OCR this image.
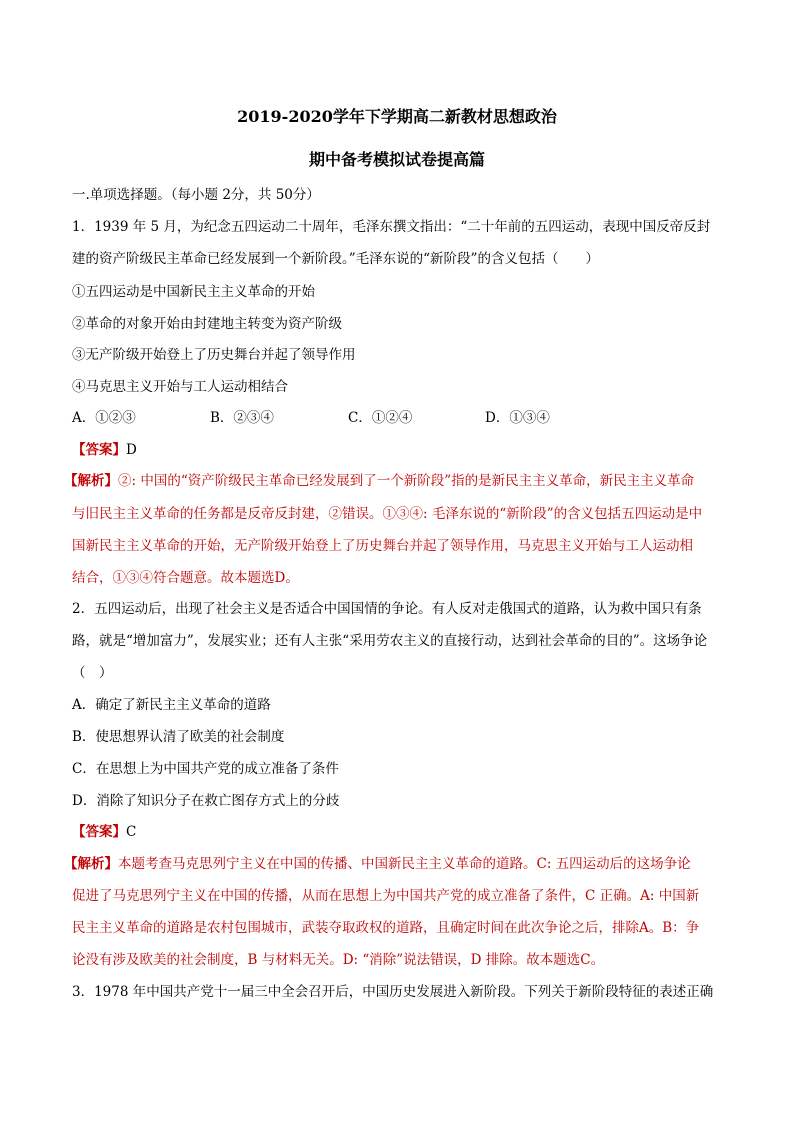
2019-2020学年下学期高二新教材思想政治
期中备考模拟试卷提高篇
一.单项选择题。（每小题 2分，共 50分）
1．1939 年 5 月，为纪念五四运动二十周年，毛泽东撰文指出：“二十年前的五四运动，表现中国反帝反封
建的资产阶级民主革命已经发展到一个新阶段。”毛泽东说的“新阶段”的含义包括（　　）
①五四运动是中国新民主主义革命的开始
②革命的对象开始由封建地主转变为资产阶级
③无产阶级开始登上了历史舞台并起了领导作用
④马克思主义开始与工人运动相结合
A．①②③	B．②③④	C．①②④	D．①③④
【答案】D
【解析】②: 中国的“资产阶级民主革命已经发展到了一个新阶段”指的是新民主主义革命，新民主主义革命
与旧民主主义革命的任务都是反帝反封建，②错误。①③④: 毛泽东说的“新阶段”的含义包括五四运动是中
国新民主主义革命的开始，无产阶级开始登上了历史舞台并起了领导作用，马克思主义开始与工人运动相
结合，①③④符合题意。故本题选D。
2．五四运动后，出现了社会主义是否适合中国国情的争论。有人反对走俄国式的道路，认为救中国只有条
路，就是“增加富力”，发展实业；还有人主张“采用劳农主义的直接行动，达到社会革命的目的”。这场争论
（　）
A．确定了新民主主义革命的道路
B．使思想界认清了欧美的社会制度
C．在思想上为中国共产党的成立准备了条件
D．消除了知识分子在救亡图存方式上的分歧
【答案】C
【解析】本题考查马克思列宁主义在中国的传播、中国新民主主义革命的道路。C: 五四运动后的这场争论
促进了马克思列宁主义在中国的传播，从而在思想上为中国共产党的成立准备了条件，C 正确。A: 中国新
民主主义革命的道路是农村包围城市，武装夺取政权的道路，且确定时间在此次争论之后，排除A。B：争
论没有涉及欧美的社会制度，B 与材料无关。D: “消除”说法错误，D 排除。故本题选C。
3．1978 年中国共产党十一届三中全会召开后，中国历史发展进入新阶段。下列关于新阶段特征的表述正确
